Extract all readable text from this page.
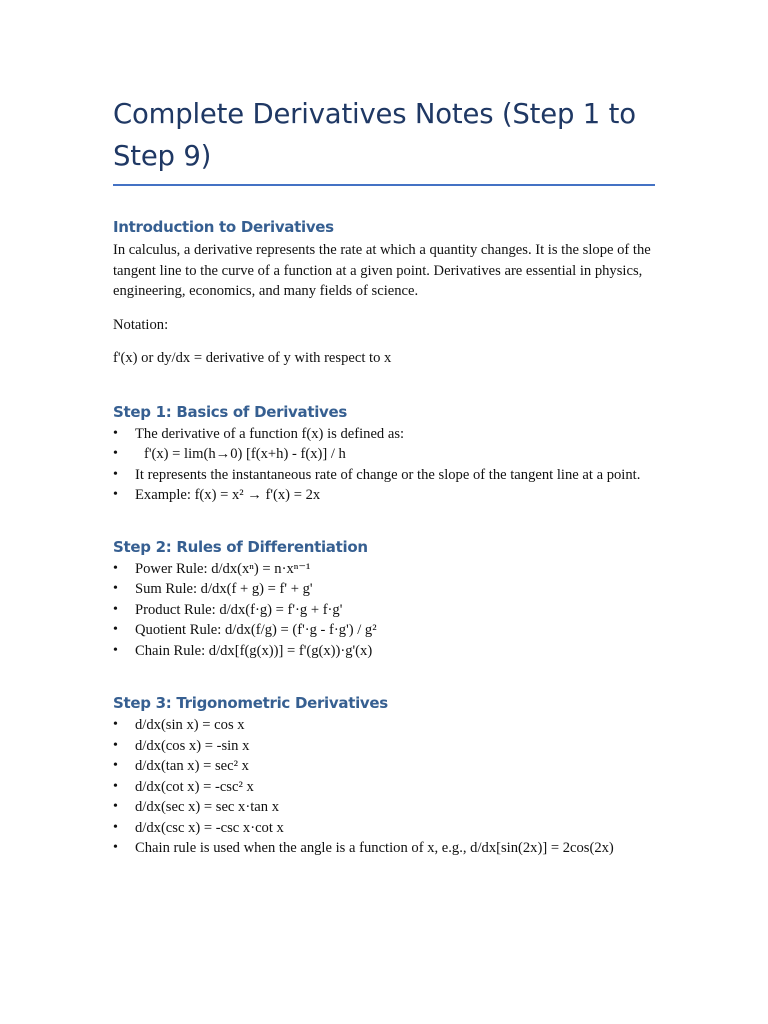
Complete Derivatives Notes (Step 1 to Step 9)
Introduction to Derivatives

In calculus, a derivative represents the rate at which a quantity changes. It is the slope of the tangent line to the curve of a function at a given point. Derivatives are essential in physics, engineering, economics, and many fields of science.

Notation:

f'(x) or dy/dx = derivative of y with respect to x

Step 1: Basics of Derivatives
• The derivative of a function f(x) is defined as:
• f'(x) = lim(h→0) [f(x+h) - f(x)] / h
• It represents the instantaneous rate of change or the slope of the tangent line at a point.
• Example: f(x) = x² → f'(x) = 2x
Step 2: Rules of Differentiation
• Power Rule: d/dx(xⁿ) = n·xⁿ⁻¹
• Sum Rule: d/dx(f + g) = f' + g'
• Product Rule: d/dx(f·g) = f'·g + f·g'
• Quotient Rule: d/dx(f/g) = (f'·g - f·g') / g²
• Chain Rule: d/dx[f(g(x))] = f'(g(x))·g'(x)
Step 3: Trigonometric Derivatives
• d/dx(sin x) = cos x
• d/dx(cos x) = -sin x
• d/dx(tan x) = sec² x
• d/dx(cot x) = -csc² x
• d/dx(sec x) = sec x·tan x
• d/dx(csc x) = -csc x·cot x
• Chain rule is used when the angle is a function of x, e.g., d/dx[sin(2x)] = 2cos(2x)
